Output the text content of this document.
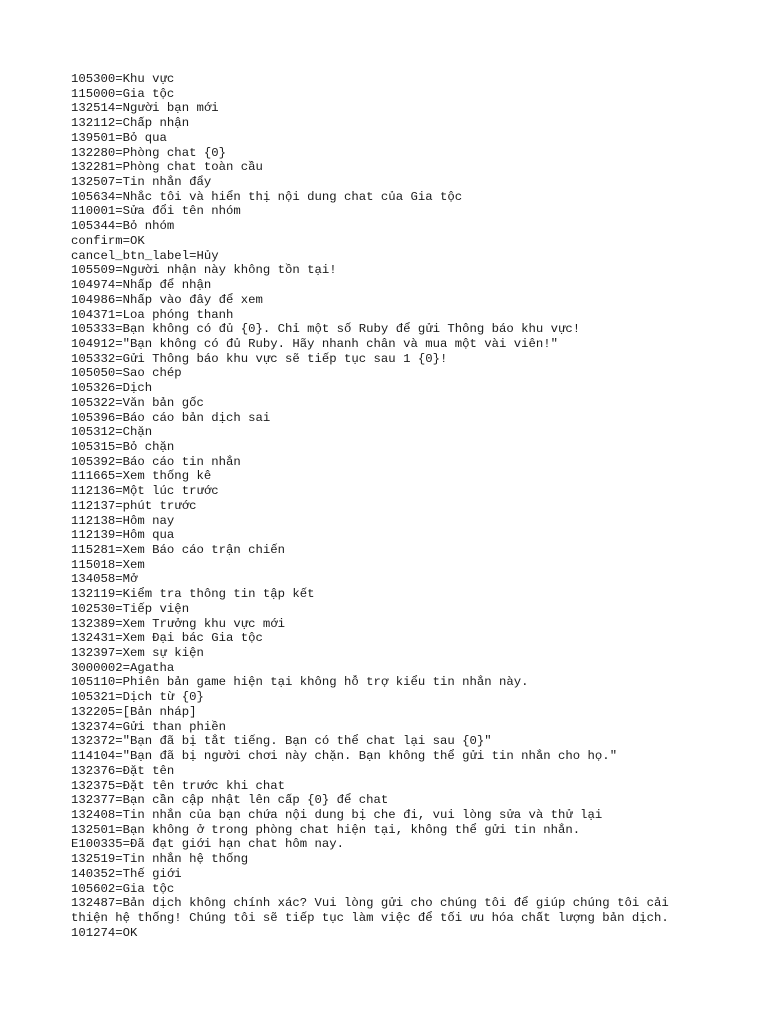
105300=Khu vực
115000=Gia tộc
132514=Người bạn mới
132112=Chấp nhận
139501=Bỏ qua
132280=Phòng chat {0}
132281=Phòng chat toàn cầu
132507=Tin nhắn đẩy
105634=Nhắc tôi và hiển thị nội dung chat của Gia tộc
110001=Sửa đổi tên nhóm
105344=Bỏ nhóm
confirm=OK
cancel_btn_label=Hủy
105509=Người nhận này không tồn tại!
104974=Nhấp để nhận
104986=Nhấp vào đây để xem
104371=Loa phóng thanh
105333=Bạn không có đủ {0}. Chỉ một số Ruby để gửi Thông báo khu vực!
104912="Bạn không có đủ Ruby. Hãy nhanh chân và mua một vài viên!"
105332=Gửi Thông báo khu vực sẽ tiếp tục sau 1 {0}!
105050=Sao chép
105326=Dịch
105322=Văn bản gốc
105396=Báo cáo bản dịch sai
105312=Chặn
105315=Bỏ chặn
105392=Báo cáo tin nhắn
111665=Xem thống kê
112136=Một lúc trước
112137=phút trước
112138=Hôm nay
112139=Hôm qua
115281=Xem Báo cáo trận chiến
115018=Xem
134058=Mở
132119=Kiểm tra thông tin tập kết
102530=Tiếp viện
132389=Xem Trưởng khu vực mới
132431=Xem Đại bác Gia tộc
132397=Xem sự kiện
3000002=Agatha
105110=Phiên bản game hiện tại không hỗ trợ kiểu tin nhắn này.
105321=Dịch từ {0}
132205=[Bản nháp]
132374=Gửi than phiền
132372="Bạn đã bị tắt tiếng. Bạn có thể chat lại sau {0}"
114104="Bạn đã bị người chơi này chặn. Bạn không thể gửi tin nhắn cho họ."
132376=Đặt tên
132375=Đặt tên trước khi chat
132377=Bạn cần cập nhật lên cấp {0} để chat
132408=Tin nhắn của bạn chứa nội dung bị che đi, vui lòng sửa và thử lại
132501=Bạn không ở trong phòng chat hiện tại, không thể gửi tin nhắn.
E100335=Đã đạt giới hạn chat hôm nay.
132519=Tin nhắn hệ thống
140352=Thế giới
105602=Gia tộc
132487=Bản dịch không chính xác? Vui lòng gửi cho chúng tôi để giúp chúng tôi cải
thiện hệ thống! Chúng tôi sẽ tiếp tục làm việc để tối ưu hóa chất lượng bản dịch.
101274=OK
